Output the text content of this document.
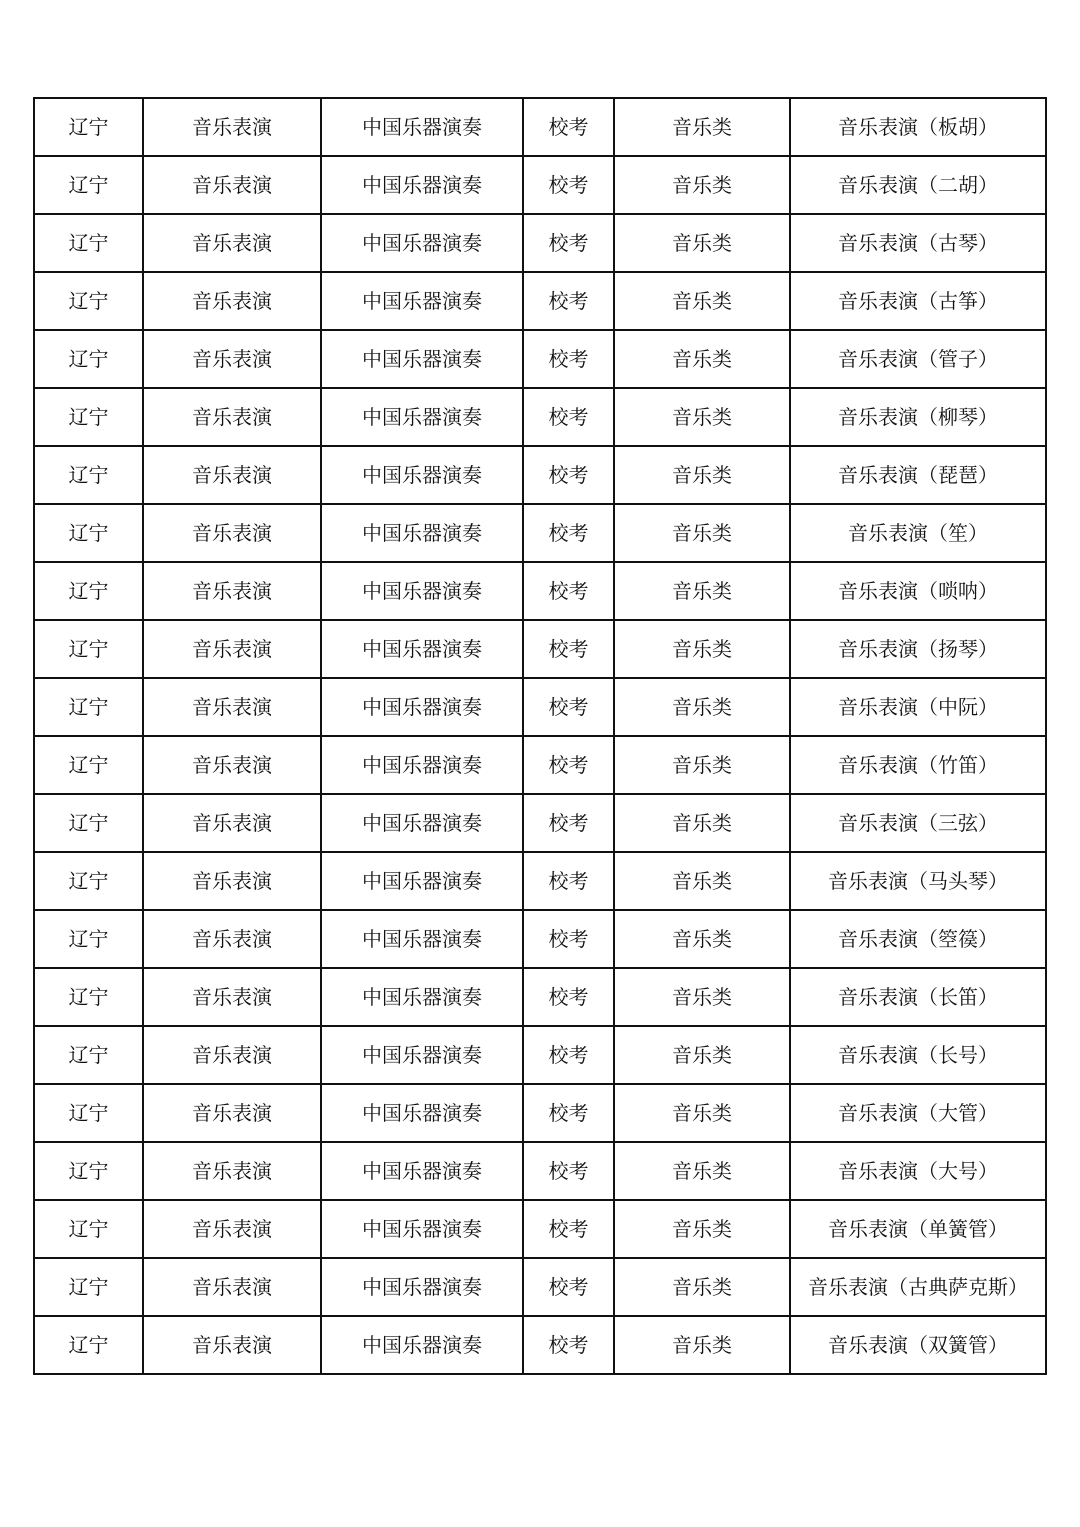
辽宁	音乐表演	中国乐器演奏	校考	音乐类	音乐表演（板胡）
辽宁	音乐表演	中国乐器演奏	校考	音乐类	音乐表演（二胡）
辽宁	音乐表演	中国乐器演奏	校考	音乐类	音乐表演（古琴）
辽宁	音乐表演	中国乐器演奏	校考	音乐类	音乐表演（古筝）
辽宁	音乐表演	中国乐器演奏	校考	音乐类	音乐表演（管子）
辽宁	音乐表演	中国乐器演奏	校考	音乐类	音乐表演（柳琴）
辽宁	音乐表演	中国乐器演奏	校考	音乐类	音乐表演（琵琶）
辽宁	音乐表演	中国乐器演奏	校考	音乐类	音乐表演（笙）
辽宁	音乐表演	中国乐器演奏	校考	音乐类	音乐表演（唢呐）
辽宁	音乐表演	中国乐器演奏	校考	音乐类	音乐表演（扬琴）
辽宁	音乐表演	中国乐器演奏	校考	音乐类	音乐表演（中阮）
辽宁	音乐表演	中国乐器演奏	校考	音乐类	音乐表演（竹笛）
辽宁	音乐表演	中国乐器演奏	校考	音乐类	音乐表演（三弦）
辽宁	音乐表演	中国乐器演奏	校考	音乐类	音乐表演（马头琴）
辽宁	音乐表演	中国乐器演奏	校考	音乐类	音乐表演（箜篌）
辽宁	音乐表演	中国乐器演奏	校考	音乐类	音乐表演（长笛）
辽宁	音乐表演	中国乐器演奏	校考	音乐类	音乐表演（长号）
辽宁	音乐表演	中国乐器演奏	校考	音乐类	音乐表演（大管）
辽宁	音乐表演	中国乐器演奏	校考	音乐类	音乐表演（大号）
辽宁	音乐表演	中国乐器演奏	校考	音乐类	音乐表演（单簧管）
辽宁	音乐表演	中国乐器演奏	校考	音乐类	音乐表演（古典萨克斯）
辽宁	音乐表演	中国乐器演奏	校考	音乐类	音乐表演（双簧管）
